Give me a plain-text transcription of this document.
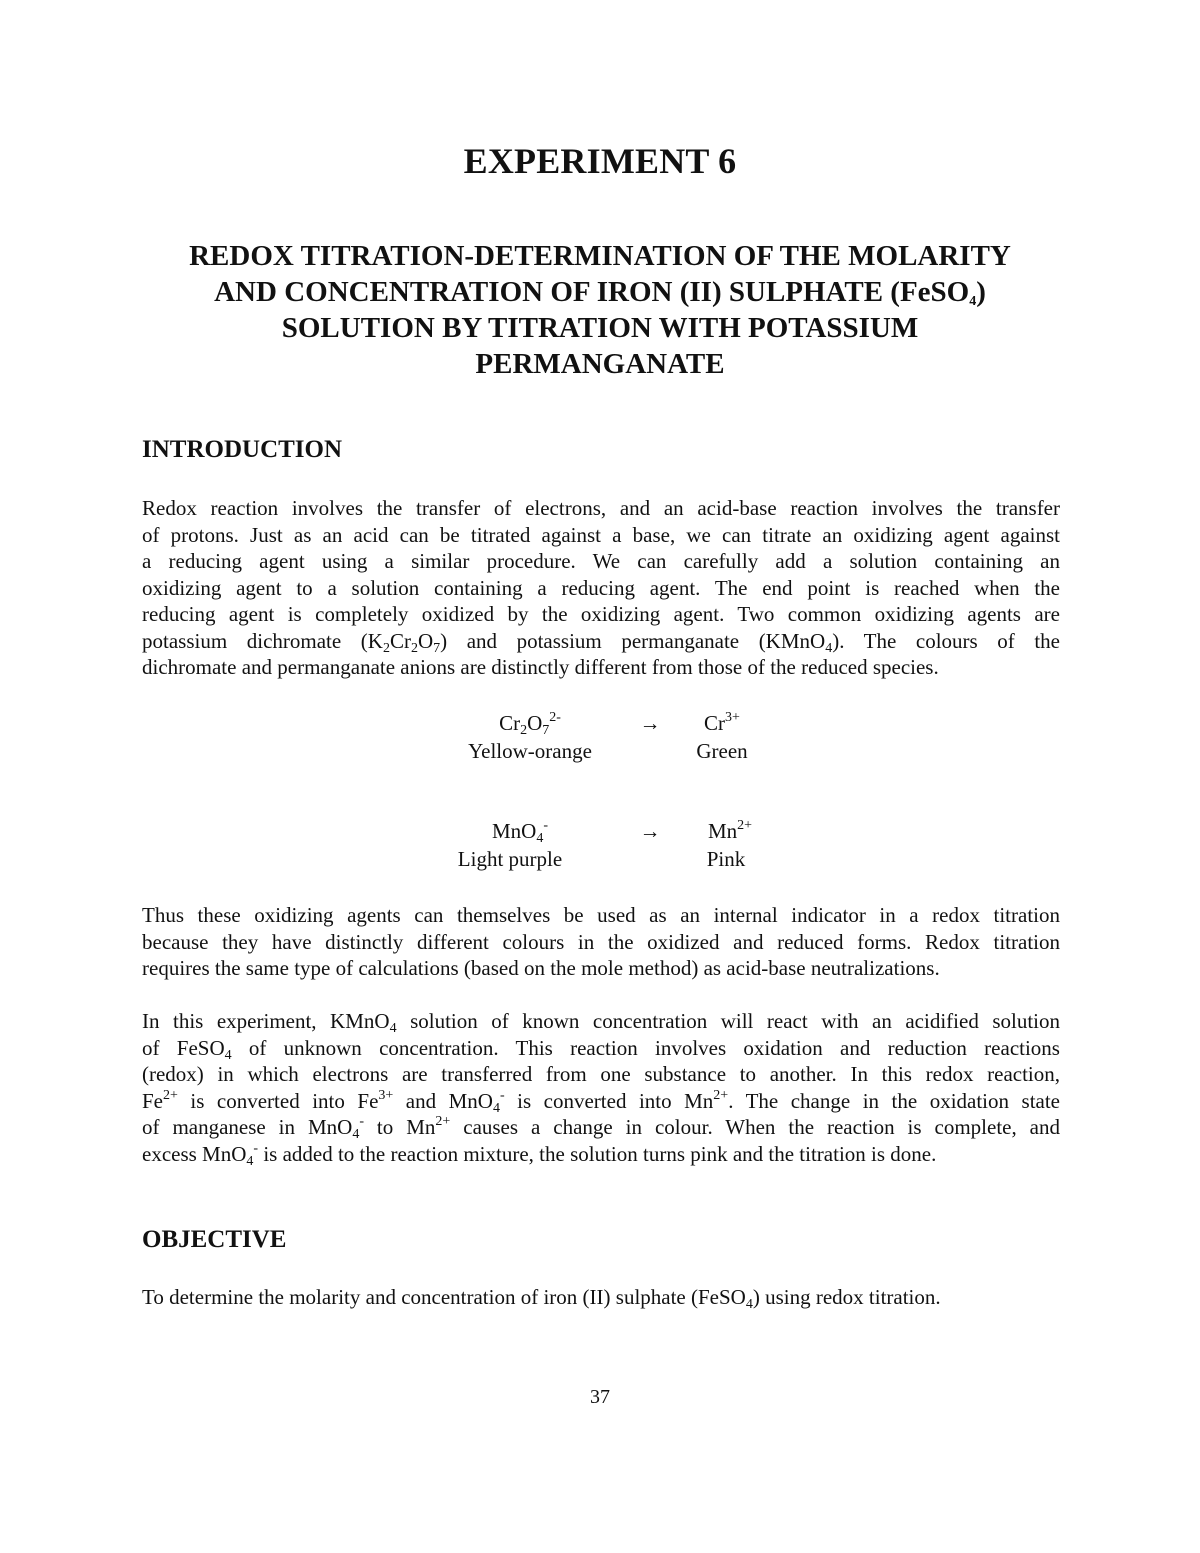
EXPERIMENT 6
REDOX TITRATION-DETERMINATION OF THE MOLARITY
AND CONCENTRATION OF IRON (II) SULPHATE (FeSO$_4$)
SOLUTION BY TITRATION WITH POTASSIUM
PERMANGANATE
INTRODUCTION
Redox reaction involves the transfer of electrons, and an acid-base reaction involves the transfer
of protons. Just as an acid can be titrated against a base, we can titrate an oxidizing agent against
a reducing agent using a similar procedure. We can carefully add a solution containing an
oxidizing agent to a solution containing a reducing agent. The end point is reached when the
reducing agent is completely oxidized by the oxidizing agent. Two common oxidizing agents are
potassium dichromate $(K_2Cr_2O_7)$ and potassium permanganate (KMnO$_4$). The colours of the
dichromate and permanganate anions are distinctly different from those of the reduced species.
$Cr_2O_7^{2-}$	→	$Cr^{3+}$
Yellow-orange	Green
MnO$_4$-	→	$Mn^{2+}$
Light purple	Pink
Thus these oxidizing agents can themselves be used as an internal indicator in a redox titration
because they have distinctly different colours in the oxidized and reduced forms. Redox titration
requires the same type of calculations (based on the mole method) as acid-base neutralizations.
In this experiment, KMnO$_4$ solution of known concentration will react with an acidified solution
of FeSO$_4$ of unknown concentration. This reaction involves oxidation and reduction reactions
(redox) in which electrons are transferred from one substance to another. In this redox reaction,
$Fe^{2+}$ is converted into $Fe^{3+}$ and MnO$_4$- is converted into $Mn^{2+}$. The change in the oxidation state
of manganese in MnO$_4$- to $Mn^{2+}$ causes a change in colour. When the reaction is complete, and
excess MnO$_4$- is added to the reaction mixture, the solution turns pink and the titration is done.
OBJECTIVE
To determine the molarity and concentration of iron (II) sulphate (FeSO$_4$) using redox titration.
37
